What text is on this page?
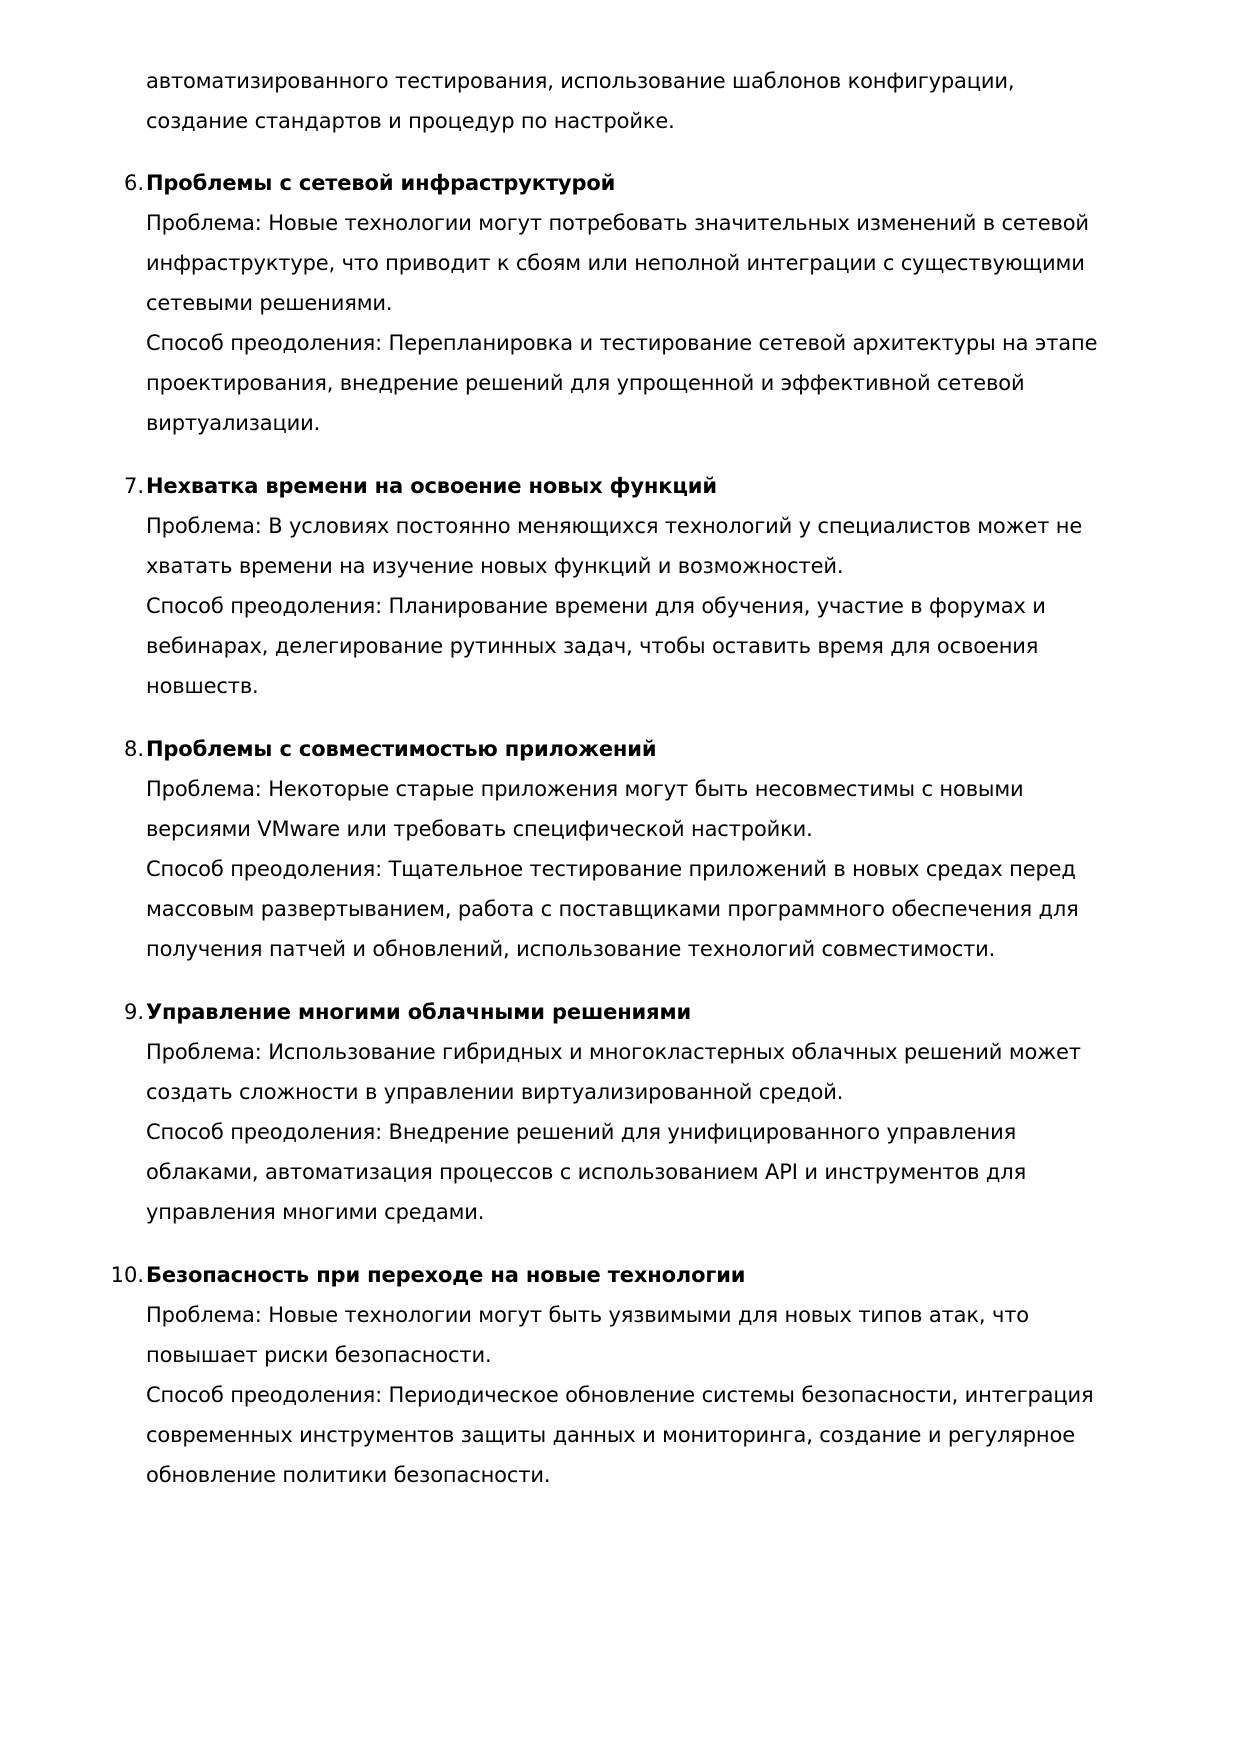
автоматизированного тестирования, использование шаблонов конфигурации,
создание стандартов и процедур по настройке.
6. Проблемы с сетевой инфраструктурой
Проблема: Новые технологии могут потребовать значительных изменений в сетевой
инфраструктуре, что приводит к сбоям или неполной интеграции с существующими
сетевыми решениями.
Способ преодоления: Перепланировка и тестирование сетевой архитектуры на этапе
проектирования, внедрение решений для упрощенной и эффективной сетевой
виртуализации.
7. Нехватка времени на освоение новых функций
Проблема: В условиях постоянно меняющихся технологий у специалистов может не
хватать времени на изучение новых функций и возможностей.
Способ преодоления: Планирование времени для обучения, участие в форумах и
вебинарах, делегирование рутинных задач, чтобы оставить время для освоения
новшеств.
8. Проблемы с совместимостью приложений
Проблема: Некоторые старые приложения могут быть несовместимы с новыми
версиями VMware или требовать специфической настройки.
Способ преодоления: Тщательное тестирование приложений в новых средах перед
массовым развертыванием, работа с поставщиками программного обеспечения для
получения патчей и обновлений, использование технологий совместимости.
9. Управление многими облачными решениями
Проблема: Использование гибридных и многокластерных облачных решений может
создать сложности в управлении виртуализированной средой.
Способ преодоления: Внедрение решений для унифицированного управления
облаками, автоматизация процессов с использованием API и инструментов для
управления многими средами.
10. Безопасность при переходе на новые технологии
Проблема: Новые технологии могут быть уязвимыми для новых типов атак, что
повышает риски безопасности.
Способ преодоления: Периодическое обновление системы безопасности, интеграция
современных инструментов защиты данных и мониторинга, создание и регулярное
обновление политики безопасности.
